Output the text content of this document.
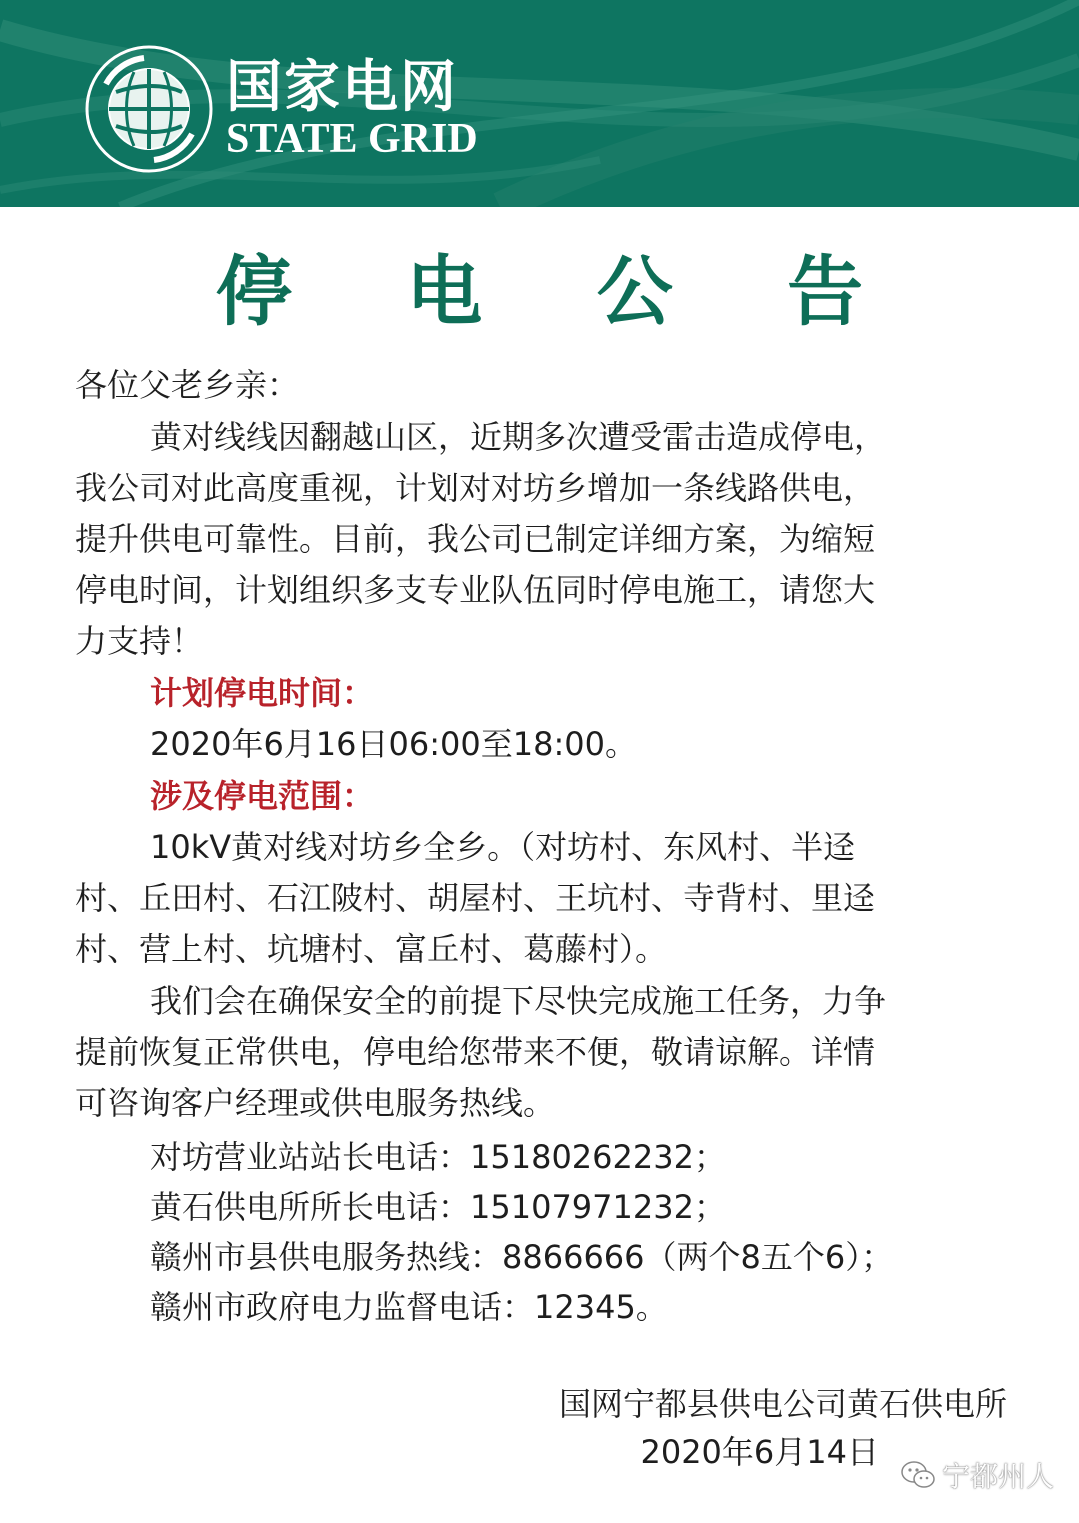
国家电网
STATE GRID
停 电 公 告
各位父老乡亲：
黄对线线因翻越山区，近期多次遭受雷击造成停电，
我公司对此高度重视，计划对对坊乡增加一条线路供电，
提升供电可靠性。目前，我公司已制定详细方案，为缩短
停电时间，计划组织多支专业队伍同时停电施工，请您大
力支持！
计划停电时间：
2020年6月16日06:00至18:00。
涉及停电范围：
10kV黄对线对坊乡全乡。（对坊村、东风村、半迳
村、丘田村、石江陂村、胡屋村、王坑村、寺背村、里迳
村、营上村、坑塘村、富丘村、葛藤村）。
我们会在确保安全的前提下尽快完成施工任务，力争
提前恢复正常供电，停电给您带来不便，敬请谅解。详情
可咨询客户经理或供电服务热线。
对坊营业站站长电话：15180262232；
黄石供电所所长电话：15107971232；
赣州市县供电服务热线：8866666（两个8五个6）；
赣州市政府电力监督电话：12345。
国网宁都县供电公司黄石供电所
2020年6月14日
宁都州人
